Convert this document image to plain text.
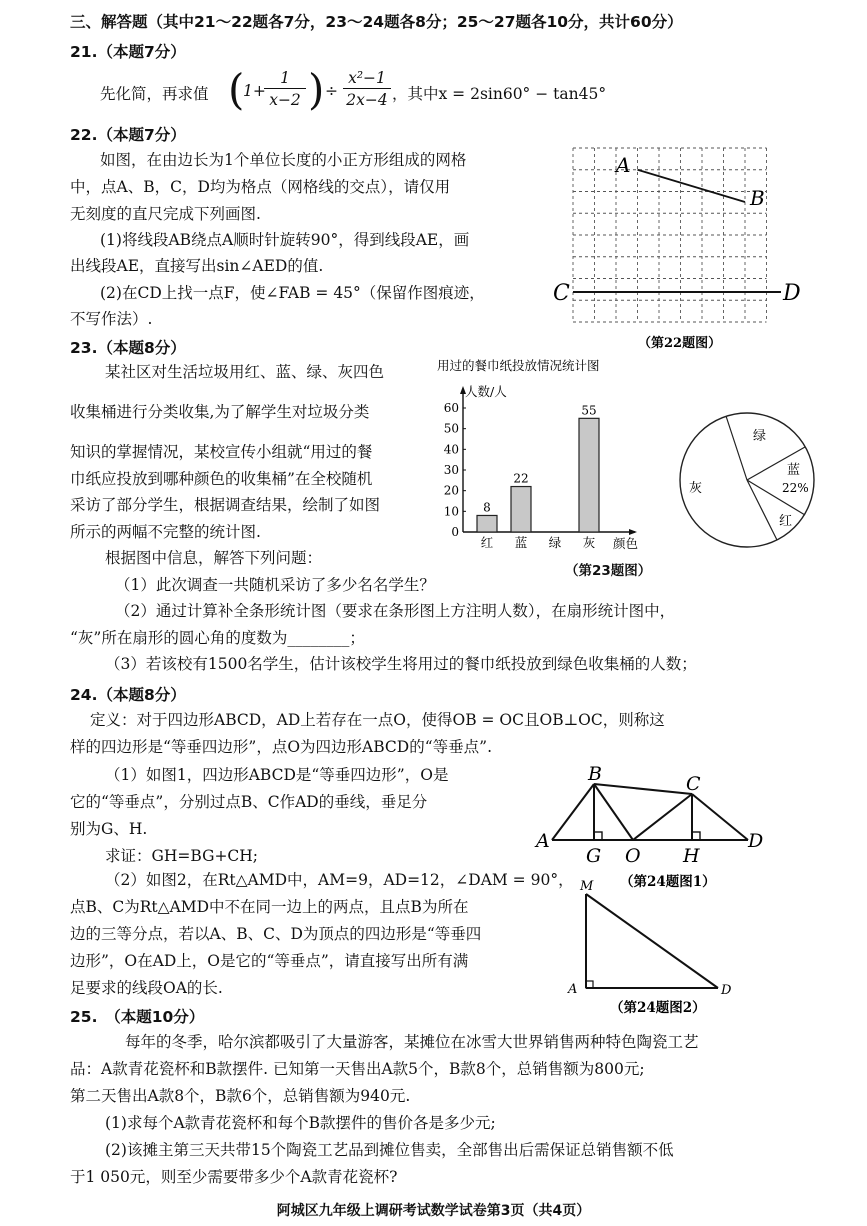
三、解答题（其中21～22题各7分，23～24题各8分；25～27题各10分，共计60分）
21.（本题7分）
先化简，再求值 (
1+
$\frac{1}{x-2}$ ) ÷ $\frac{\text{x²−1}}{2x-4}$ ，其中x = 2sin60° − tan45°
22.（本题7分）
如图，在由边长为1个单位长度的小正方形组成的网格
中，点A、B，C，D均为格点（网格线的交点），请仅用
无刻度的直尺完成下列画图.
(1)将线段AB绕点A顺时针旋转90°，得到线段AE，画
出线段AE，直接写出sin∠AED的值.
(2)在CD上找一点F，使∠FAB = 45°（保留作图痕迹，
不写作法）.
A
B
C	D
（第22题图）
23.（本题8分）
某社区对生活垃圾用红、蓝、绿、灰四色
收集桶进行分类收集,为了解学生对垃圾分类
知识的掌握情况，某校宣传小组就“用过的餐
巾纸应投放到哪种颜色的收集桶”在全校随机
采访了部分学生，根据调查结果，绘制了如图
所示的两幅不完整的统计图.
根据图中信息，解答下列问题：
（1）此次调查一共随机采访了多少名名学生？
（2）通过计算补全条形统计图（要求在条形图上方注明人数），在扇形统计图中，
“灰”所在扇形的圆心角的度数为________；
（3）若该校有1500名学生，估计该校学生将用过的餐巾纸投放到绿色收集桶的人数；
用过的餐巾纸投放情况统计图
人数/人
0
10
20
30
40
50
60
8
22
55
红 蓝 绿 灰 颜色
绿
蓝
22%
红
灰
（第23题图）
24.（本题8分）
定义：对于四边形ABCD，AD上若存在一点O，使得OB = OC且OB⊥OC，则称这
样的四边形是“等垂四边形”，点O为四边形ABCD的“等垂点”.
（1）如图1，四边形ABCD是“等垂四边形”，O是
它的“等垂点”，分别过点B、C作AD的垂线，垂足分
别为G、H.
求证：GH=BG+CH;
（2）如图2，在Rt△AMD中，AM=9，AD=12，∠DAM = 90°，
点B、C为Rt△AMD中不在同一边上的两点，且点B为所在
边的三等分点，若以A、B、C、D为顶点的四边形是“等垂四
边形”，O在AD上，O是它的“等垂点”，请直接写出所有满
足要求的线段OA的长.
A
B	C
D
G O H
（第24题图1）
M
A	D
（第24题图2）
25.　（本题10分）
每年的冬季，哈尔滨都吸引了大量游客，某摊位在冰雪大世界销售两种特色陶瓷工艺
品：A款青花瓷杯和B款摆件. 已知第一天售出A款5个，B款8个，总销售额为800元;
第二天售出A款8个，B款6个，总销售额为940元.
(1)求每个A款青花瓷杯和每个B款摆件的售价各是多少元;
(2)该摊主第三天共带15个陶瓷工艺品到摊位售卖，全部售出后需保证总销售额不低
于1 050元，则至少需要带多少个A款青花瓷杯?
阿城区九年级上调研考试数学试卷第3页（共4页）
